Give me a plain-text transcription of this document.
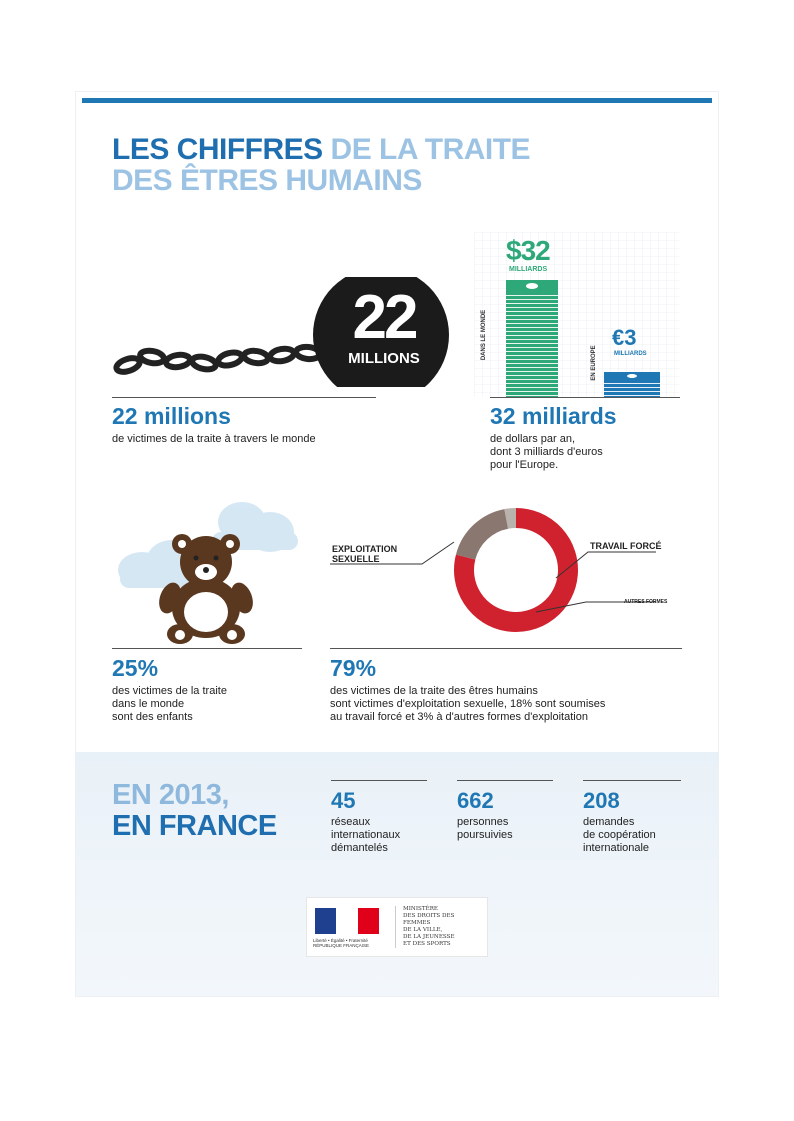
LES CHIFFRES DE LA TRAITE
DES ÊTRES HUMAINS
22
MILLIONS
22 millions
de victimes de la traite à travers le monde
$32
MILLIARDS
DANS LE MONDE	€3
MILLIARDS
EN EUROPE
32 milliards
de dollars par an,
dont 3 milliards d'euros
pour l'Europe.
25%
des victimes de la traite
dans le monde
sont des enfants
EXPLOITATION
SEXUELLE
TRAVAIL FORCÉ
AUTRES FORMES
79%
des victimes de la traite des êtres humains
sont victimes d'exploitation sexuelle, 18% sont soumises
au travail forcé et 3% à d'autres formes d'exploitation
EN 2013,
EN FRANCE
45
réseaux
internationaux
démantelés
662
personnes
poursuivies
208
demandes
de coopération
internationale
Liberté • Égalité • Fraternité RÉPUBLIQUE FRANÇAISE
MINISTÈRE
DES DROITS DES FEMMES
DE LA VILLE,
DE LA JEUNESSE
ET DES SPORTS
